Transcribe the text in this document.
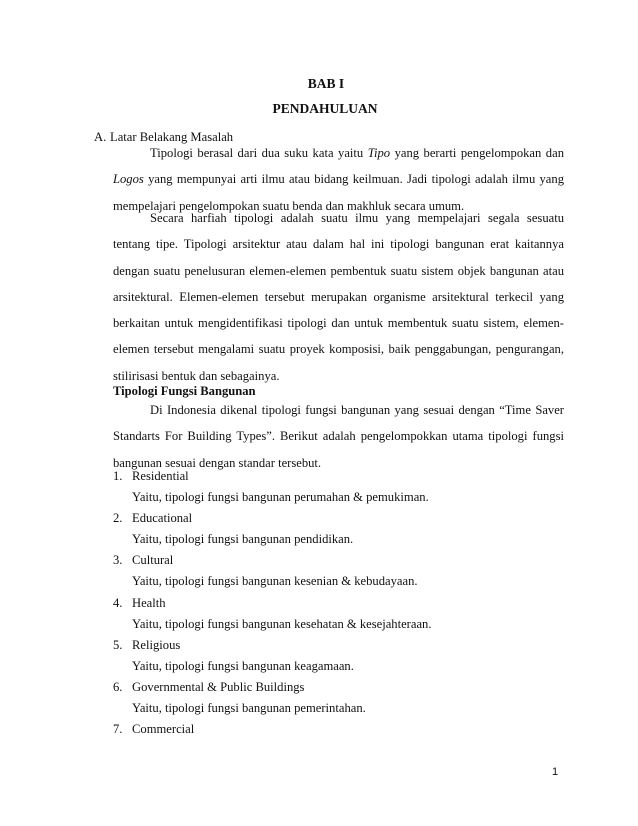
BAB I
PENDAHULUAN
A. Latar Belakang Masalah

Tipologi berasal dari dua suku kata yaitu Tipo yang berarti pengelompokan dan Logos yang mempunyai arti ilmu atau bidang keilmuan. Jadi tipologi adalah ilmu yang mempelajari pengelompokan suatu benda dan makhluk secara umum.

Secara harfiah tipologi adalah suatu ilmu yang mempelajari segala sesuatu tentang tipe. Tipologi arsitektur atau dalam hal ini tipologi bangunan erat kaitannya dengan suatu penelusuran elemen-elemen pembentuk suatu sistem objek bangunan atau arsitektural. Elemen-elemen tersebut merupakan organisme arsitektural terkecil yang berkaitan untuk mengidentifikasi tipologi dan untuk membentuk suatu sistem, elemen-elemen tersebut mengalami suatu proyek komposisi, baik penggabungan, pengurangan, stilirisasi bentuk dan sebagainya.

Tipologi Fungsi Bangunan

Di Indonesia dikenal tipologi fungsi bangunan yang sesuai dengan “Time Saver Standarts For Building Types”. Berikut adalah pengelompokkan utama tipologi fungsi bangunan sesuai dengan standar tersebut.

1. Residential
Yaitu, tipologi fungsi bangunan perumahan & pemukiman.
2. Educational
Yaitu, tipologi fungsi bangunan pendidikan.
3. Cultural
Yaitu, tipologi fungsi bangunan kesenian & kebudayaan.
4. Health
Yaitu, tipologi fungsi bangunan kesehatan & kesejahteraan.
5. Religious
Yaitu, tipologi fungsi bangunan keagamaan.
6. Governmental & Public Buildings
Yaitu, tipologi fungsi bangunan pemerintahan.
7. Commercial
1
